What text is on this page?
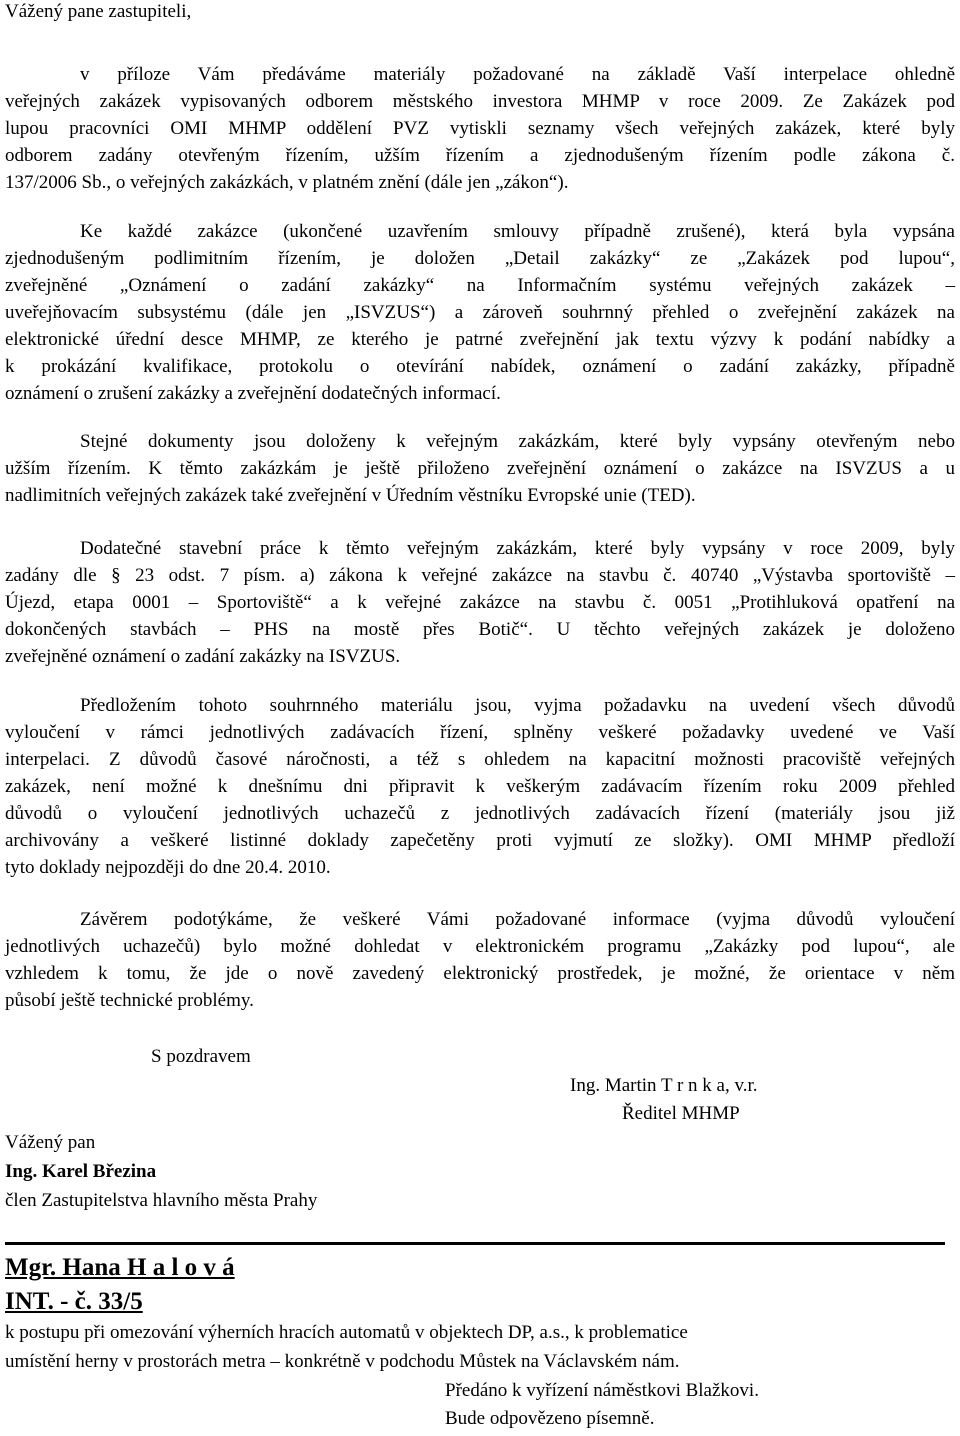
Vážený pane zastupiteli,
v příloze Vám předáváme materiály požadované na základě Vaší interpelace ohledně
veřejných zakázek vypisovaných odborem městského investora MHMP v roce 2009. Ze Zakázek pod
lupou pracovníci OMI MHMP oddělení PVZ vytiskli seznamy všech veřejných zakázek, které byly
odborem zadány otevřeným řízením, užším řízením a zjednodušeným řízením podle zákona č.
137/2006 Sb., o veřejných zakázkách, v platném znění (dále jen „zákon“).
Ke každé zakázce (ukončené uzavřením smlouvy případně zrušené), která byla vypsána
zjednodušeným podlimitním řízením, je doložen „Detail zakázky“ ze „Zakázek pod lupou“,
zveřejněné „Oznámení o zadání zakázky“ na Informačním systému veřejných zakázek –
uveřejňovacím subsystému (dále jen „ISVZUS“) a zároveň souhrnný přehled o zveřejnění zakázek na
elektronické úřední desce MHMP, ze kterého je patrné zveřejnění jak textu výzvy k podání nabídky a
k prokázání kvalifikace, protokolu o otevírání nabídek, oznámení o zadání zakázky, případně
oznámení o zrušení zakázky a zveřejnění dodatečných informací.
Stejné dokumenty jsou doloženy k veřejným zakázkám, které byly vypsány otevřeným nebo
užším řízením. K těmto zakázkám je ještě přiloženo zveřejnění oznámení o zakázce na ISVZUS a u
nadlimitních veřejných zakázek také zveřejnění v Úředním věstníku Evropské unie (TED).
Dodatečné stavební práce k těmto veřejným zakázkám, které byly vypsány v roce 2009, byly
zadány dle § 23 odst. 7 písm. a) zákona k veřejné zakázce na stavbu č. 40740 „Výstavba sportoviště –
Újezd, etapa 0001 – Sportoviště“ a k veřejné zakázce na stavbu č. 0051 „Protihluková opatření na
dokončených stavbách – PHS na mostě přes Botič“. U těchto veřejných zakázek je doloženo
zveřejněné oznámení o zadání zakázky na ISVZUS.
Předložením tohoto souhrnného materiálu jsou, vyjma požadavku na uvedení všech důvodů
vyloučení v rámci jednotlivých zadávacích řízení, splněny veškeré požadavky uvedené ve Vaší
interpelaci. Z důvodů časové náročnosti, a též s ohledem na kapacitní možnosti pracoviště veřejných
zakázek, není možné k dnešnímu dni připravit k veškerým zadávacím řízením roku 2009 přehled
důvodů o vyloučení jednotlivých uchazečů z jednotlivých zadávacích řízení (materiály jsou již
archivovány a veškeré listinné doklady zapečetěny proti vyjmutí ze složky). OMI MHMP předloží
tyto doklady nejpozději do dne 20.4. 2010.
Závěrem podotýkáme, že veškeré Vámi požadované informace (vyjma důvodů vyloučení
jednotlivých uchazečů) bylo možné dohledat v elektronickém programu „Zakázky pod lupou“, ale
vzhledem k tomu, že jde o nově zavedený elektronický prostředek, je možné, že orientace v něm
působí ještě technické problémy.
S pozdravem
Ing. Martin T r n k a, v.r.
Ředitel MHMP
Vážený pan
Ing. Karel Březina
člen Zastupitelstva hlavního města Prahy
Mgr. Hana H a l o v á
INT. - č. 33/5
k postupu při omezování výherních hracích automatů v objektech DP, a.s., k problematice
umístění herny v prostorách metra – konkrétně v podchodu Můstek na Václavském nám.
Předáno k vyřízení náměstkovi Blažkovi.
Bude odpovězeno písemně.
